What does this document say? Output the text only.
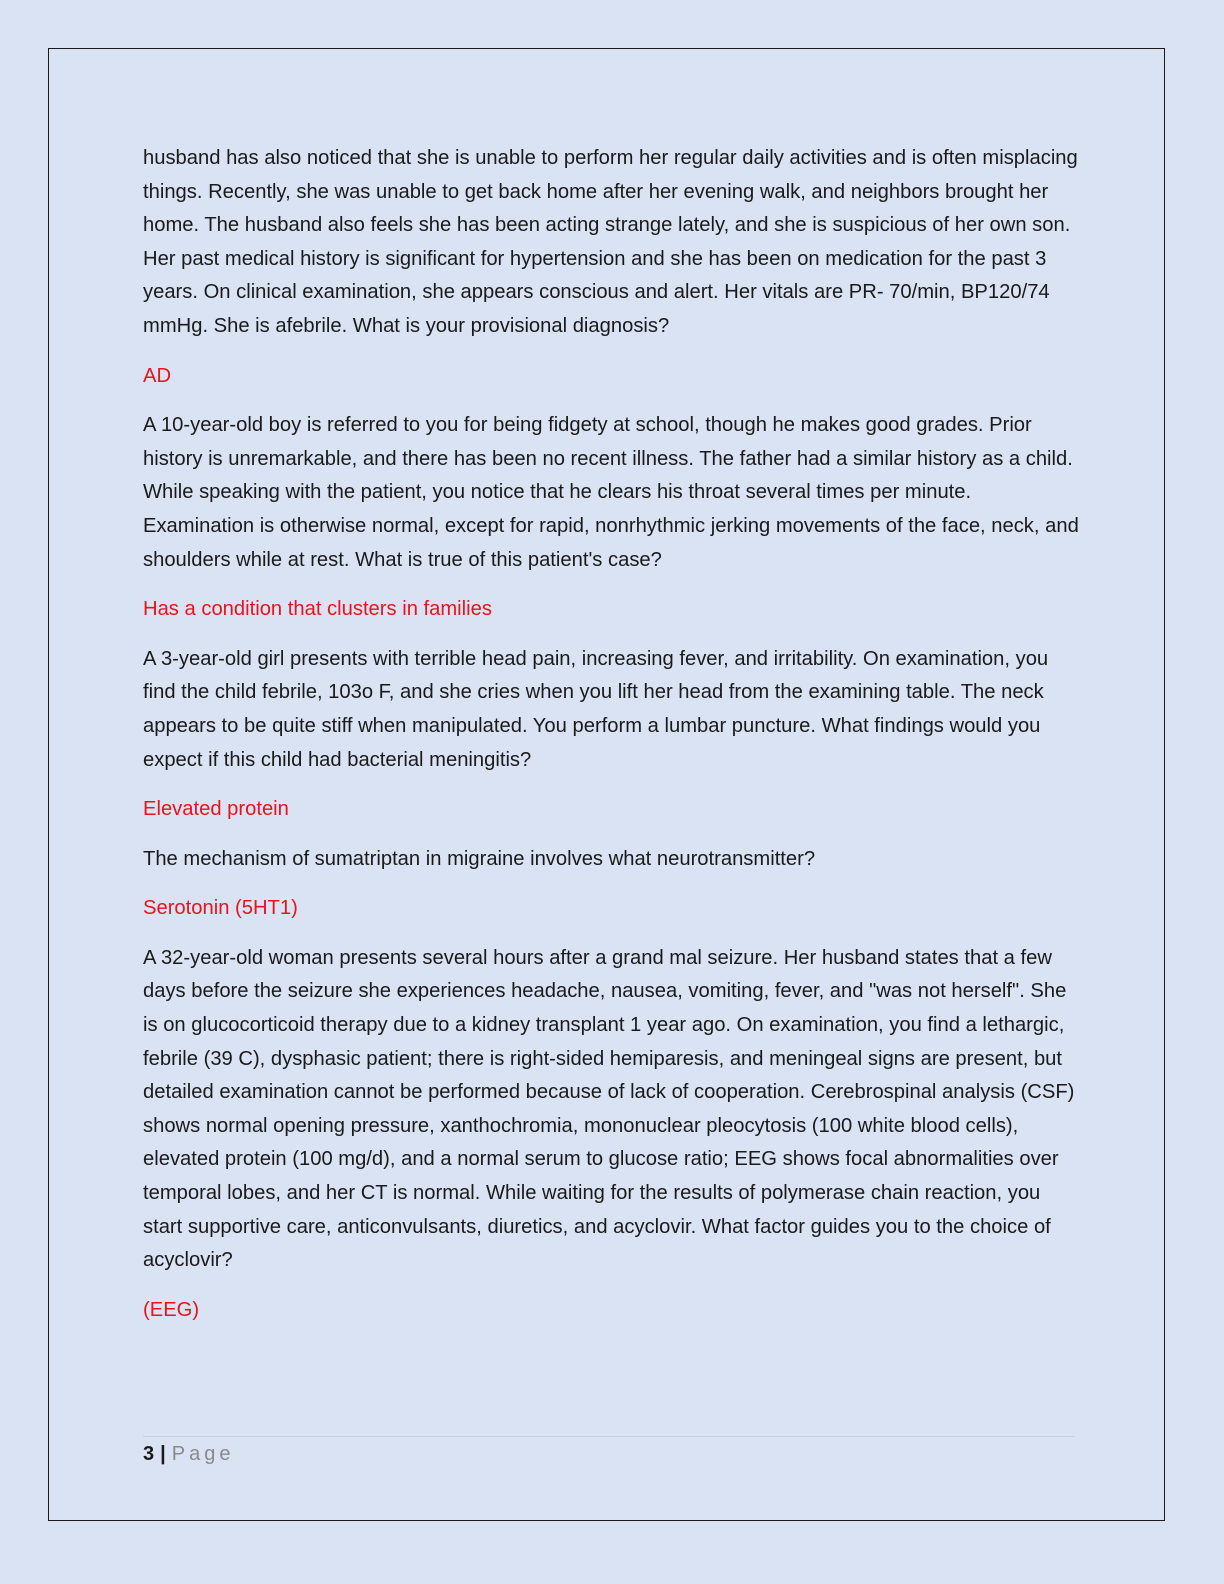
husband has also noticed that she is unable to perform her regular daily activities and is often misplacing things. Recently, she was unable to get back home after her evening walk, and neighbors brought her home. The husband also feels she has been acting strange lately, and she is suspicious of her own son. Her past medical history is significant for hypertension and she has been on medication for the past 3 years. On clinical examination, she appears conscious and alert. Her vitals are PR- 70/min, BP120/74 mmHg. She is afebrile. What is your provisional diagnosis?

AD

A 10-year-old boy is referred to you for being fidgety at school, though he makes good grades. Prior history is unremarkable, and there has been no recent illness. The father had a similar history as a child. While speaking with the patient, you notice that he clears his throat several times per minute. Examination is otherwise normal, except for rapid, nonrhythmic jerking movements of the face, neck, and shoulders while at rest. What is true of this patient's case?

Has a condition that clusters in families

A 3-year-old girl presents with terrible head pain, increasing fever, and irritability. On examination, you find the child febrile, 103o F, and she cries when you lift her head from the examining table. The neck appears to be quite stiff when manipulated. You perform a lumbar puncture. What findings would you expect if this child had bacterial meningitis?

Elevated protein

The mechanism of sumatriptan in migraine involves what neurotransmitter?

Serotonin (5HT1)

A 32-year-old woman presents several hours after a grand mal seizure. Her husband states that a few days before the seizure she experiences headache, nausea, vomiting, fever, and "was not herself". She is on glucocorticoid therapy due to a kidney transplant 1 year ago. On examination, you find a lethargic, febrile (39 C), dysphasic patient; there is right-sided hemiparesis, and meningeal signs are present, but detailed examination cannot be performed because of lack of cooperation. Cerebrospinal analysis (CSF) shows normal opening pressure, xanthochromia, mononuclear pleocytosis (100 white blood cells), elevated protein (100 mg/d), and a normal serum to glucose ratio; EEG shows focal abnormalities over temporal lobes, and her CT is normal. While waiting for the results of polymerase chain reaction, you start supportive care, anticonvulsants, diuretics, and acyclovir. What factor guides you to the choice of acyclovir?

(EEG)

3 | Page
